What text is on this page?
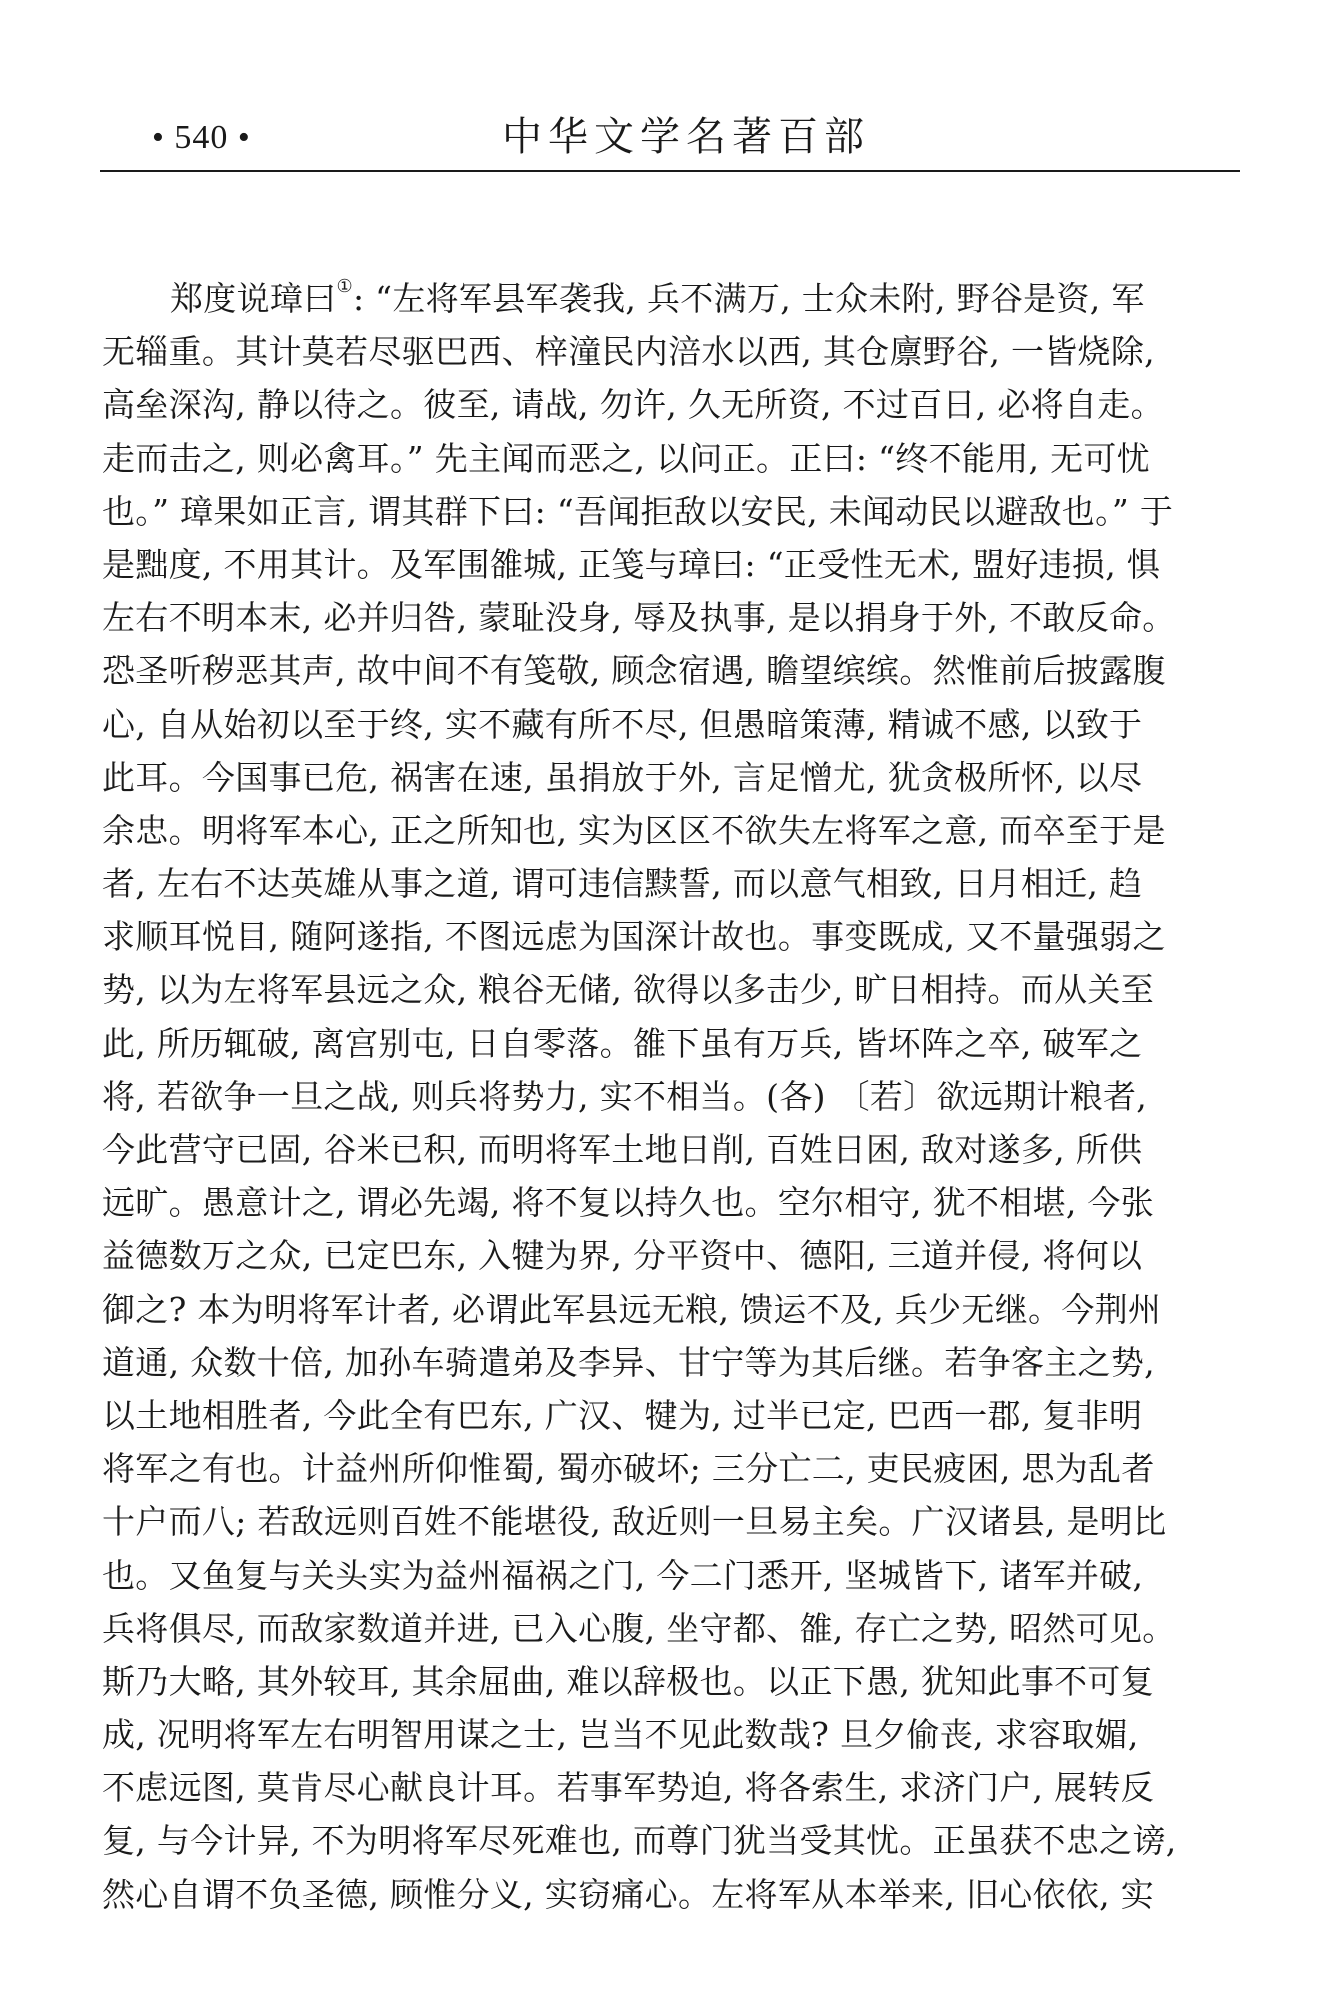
• 540 •	中华文学名著百部
郑度说璋曰①: “左将军县军袭我, 兵不满万, 士众未附, 野谷是资, 军
无辎重。其计莫若尽驱巴西、梓潼民内涪水以西, 其仓廪野谷, 一皆烧除,
高垒深沟, 静以待之。彼至, 请战, 勿许, 久无所资, 不过百日, 必将自走。
走而击之, 则必禽耳。” 先主闻而恶之, 以问正。正曰: “终不能用, 无可忧
也。” 璋果如正言, 谓其群下曰: “吾闻拒敌以安民, 未闻动民以避敌也。” 于
是黜度, 不用其计。及军围雒城, 正笺与璋曰: “正受性无术, 盟好违损, 惧
左右不明本末, 必并归咎, 蒙耻没身, 辱及执事, 是以捐身于外, 不敢反命。
恐圣听秽恶其声, 故中间不有笺敬, 顾念宿遇, 瞻望缤缤。然惟前后披露腹
心, 自从始初以至于终, 实不藏有所不尽, 但愚暗策薄, 精诚不感, 以致于
此耳。今国事已危, 祸害在速, 虽捐放于外, 言足憎尤, 犹贪极所怀, 以尽
余忠。明将军本心, 正之所知也, 实为区区不欲失左将军之意, 而卒至于是
者, 左右不达英雄从事之道, 谓可违信黩誓, 而以意气相致, 日月相迁, 趋
求顺耳悦目, 随阿遂指, 不图远虑为国深计故也。事变既成, 又不量强弱之
势, 以为左将军县远之众, 粮谷无储, 欲得以多击少, 旷日相持。而从关至
此, 所历辄破, 离宫别屯, 日自零落。雒下虽有万兵, 皆坏阵之卒, 破军之
将, 若欲争一旦之战, 则兵将势力, 实不相当。(各) 〔若〕欲远期计粮者,
今此营守已固, 谷米已积, 而明将军土地日削, 百姓日困, 敌对遂多, 所供
远旷。愚意计之, 谓必先竭, 将不复以持久也。空尔相守, 犹不相堪, 今张
益德数万之众, 已定巴东, 入犍为界, 分平资中、德阳, 三道并侵, 将何以
御之? 本为明将军计者, 必谓此军县远无粮, 馈运不及, 兵少无继。今荆州
道通, 众数十倍, 加孙车骑遣弟及李异、甘宁等为其后继。若争客主之势,
以土地相胜者, 今此全有巴东, 广汉、犍为, 过半已定, 巴西一郡, 复非明
将军之有也。计益州所仰惟蜀, 蜀亦破坏; 三分亡二, 吏民疲困, 思为乱者
十户而八; 若敌远则百姓不能堪役, 敌近则一旦易主矣。广汉诸县, 是明比
也。又鱼复与关头实为益州福祸之门, 今二门悉开, 坚城皆下, 诸军并破,
兵将俱尽, 而敌家数道并进, 已入心腹, 坐守都、雒, 存亡之势, 昭然可见。
斯乃大略, 其外较耳, 其余屈曲, 难以辞极也。以正下愚, 犹知此事不可复
成, 况明将军左右明智用谋之士, 岂当不见此数哉? 旦夕偷丧, 求容取媚,
不虑远图, 莫肯尽心献良计耳。若事军势迫, 将各索生, 求济门户, 展转反
复, 与今计异, 不为明将军尽死难也, 而尊门犹当受其忧。正虽获不忠之谤,
然心自谓不负圣德, 顾惟分义, 实窃痛心。左将军从本举来, 旧心依依, 实
